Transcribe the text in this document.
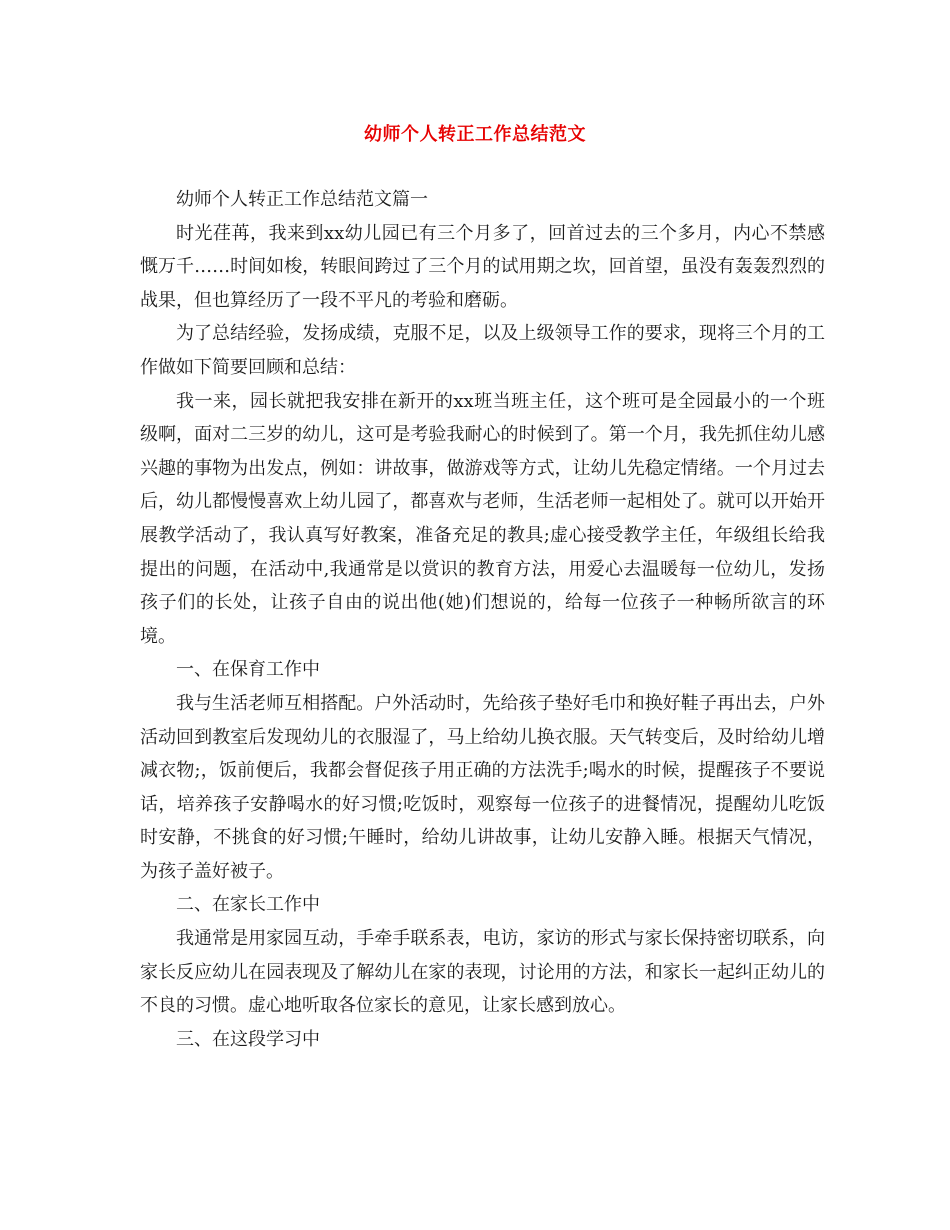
幼师个人转正工作总结范文

幼师个人转正工作总结范文篇一

时光荏苒，我来到xx幼儿园已有三个月多了，回首过去的三个多月，内心不禁感慨万千……时间如梭，转眼间跨过了三个月的试用期之坎，回首望，虽没有轰轰烈烈的战果，但也算经历了一段不平凡的考验和磨砺。

为了总结经验，发扬成绩，克服不足，以及上级领导工作的要求，现将三个月的工作做如下简要回顾和总结：

我一来，园长就把我安排在新开的xx班当班主任，这个班可是全园最小的一个班级啊，面对二三岁的幼儿，这可是考验我耐心的时候到了。第一个月，我先抓住幼儿感兴趣的事物为出发点，例如：讲故事，做游戏等方式，让幼儿先稳定情绪。一个月过去后，幼儿都慢慢喜欢上幼儿园了，都喜欢与老师，生活老师一起相处了。就可以开始开展教学活动了，我认真写好教案，准备充足的教具;虚心接受教学主任，年级组长给我提出的问题，在活动中,我通常是以赏识的教育方法，用爱心去温暖每一位幼儿，发扬孩子们的长处，让孩子自由的说出他(她)们想说的，给每一位孩子一种畅所欲言的环境。

一、在保育工作中

我与生活老师互相搭配。户外活动时，先给孩子垫好毛巾和换好鞋子再出去，户外活动回到教室后发现幼儿的衣服湿了，马上给幼儿换衣服。天气转变后，及时给幼儿增减衣物;，饭前便后，我都会督促孩子用正确的方法洗手;喝水的时候，提醒孩子不要说话，培养孩子安静喝水的好习惯;吃饭时，观察每一位孩子的进餐情况，提醒幼儿吃饭时安静，不挑食的好习惯;午睡时，给幼儿讲故事，让幼儿安静入睡。根据天气情况，为孩子盖好被子。

二、在家长工作中

我通常是用家园互动，手牵手联系表，电访，家访的形式与家长保持密切联系，向家长反应幼儿在园表现及了解幼儿在家的表现，讨论用的方法，和家长一起纠正幼儿的不良的习惯。虚心地听取各位家长的意见，让家长感到放心。

三、在这段学习中
